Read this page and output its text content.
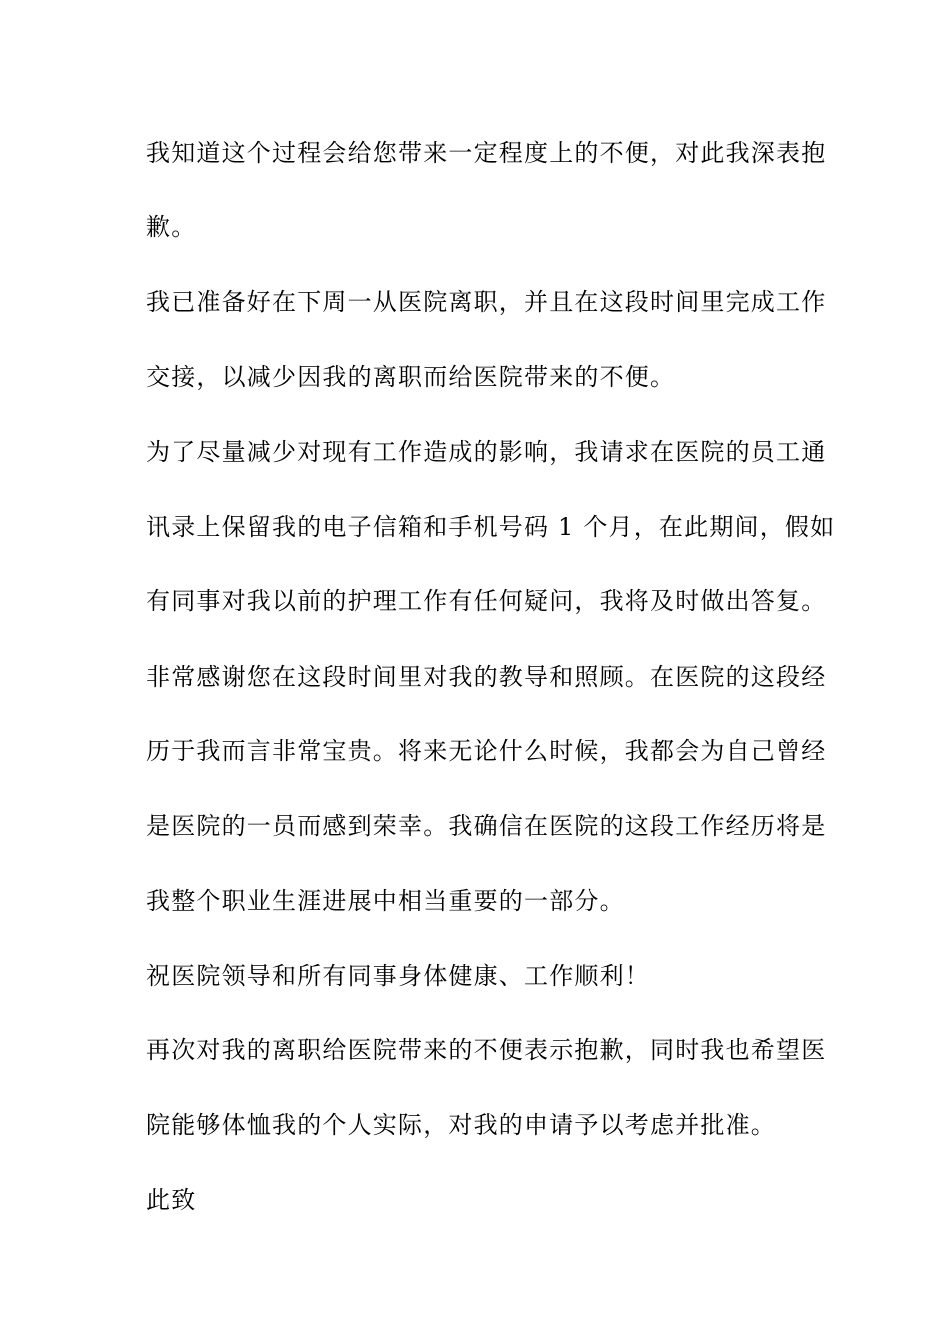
我知道这个过程会给您带来一定程度上的不便，对此我深表抱
歉。
我已准备好在下周一从医院离职，并且在这段时间里完成工作
交接，以减少因我的离职而给医院带来的不便。
为了尽量减少对现有工作造成的影响，我请求在医院的员工通
讯录上保留我的电子信箱和手机号码 1 个月，在此期间，假如
有同事对我以前的护理工作有任何疑问，我将及时做出答复。
非常感谢您在这段时间里对我的教导和照顾。在医院的这段经
历于我而言非常宝贵。将来无论什么时候，我都会为自己曾经
是医院的一员而感到荣幸。我确信在医院的这段工作经历将是
我整个职业生涯进展中相当重要的一部分。
祝医院领导和所有同事身体健康、工作顺利！
再次对我的离职给医院带来的不便表示抱歉，同时我也希望医
院能够体恤我的个人实际，对我的申请予以考虑并批准。
此致
